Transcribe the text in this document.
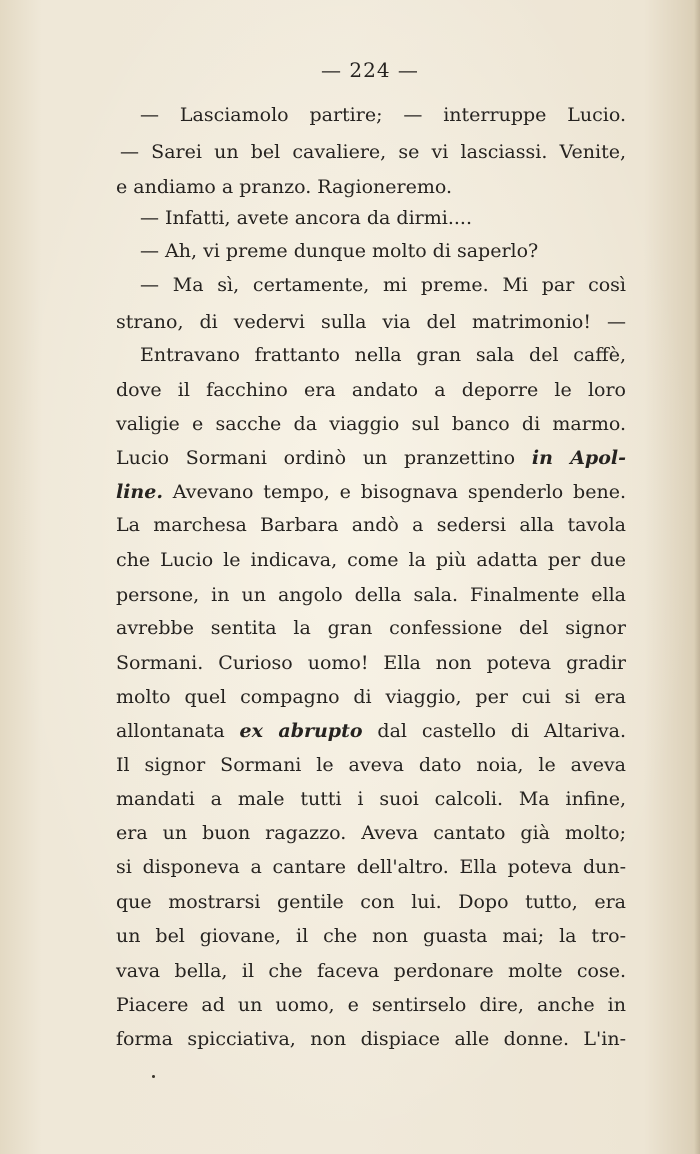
— 224 —
— Lasciamolo partire; — interruppe Lucio.
— Sarei un bel cavaliere, se vi lasciassi. Venite,
e andiamo a pranzo. Ragioneremo.
— Infatti, avete ancora da dirmi....
— Ah, vi preme dunque molto di saperlo?
— Ma sì, certamente, mi preme. Mi par così
strano, di vedervi sulla via del matrimonio! —
Entravano frattanto nella gran sala del caffè,
dove il facchino era andato a deporre le loro
valigie e sacche da viaggio sul banco di marmo.
Lucio Sormani ordinò un pranzettino in Apol-
line. Avevano tempo, e bisognava spenderlo bene.
La marchesa Barbara andò a sedersi alla tavola
che Lucio le indicava, come la più adatta per due
persone, in un angolo della sala. Finalmente ella
avrebbe sentita la gran confessione del signor
Sormani. Curioso uomo! Ella non poteva gradir
molto quel compagno di viaggio, per cui si era
allontanata ex abrupto dal castello di Altariva.
Il signor Sormani le aveva dato noia, le aveva
mandati a male tutti i suoi calcoli. Ma infine,
era un buon ragazzo. Aveva cantato già molto;
si disponeva a cantare dell'altro. Ella poteva dun-
que mostrarsi gentile con lui. Dopo tutto, era
un bel giovane, il che non guasta mai; la tro-
vava bella, il che faceva perdonare molte cose.
Piacere ad un uomo, e sentirselo dire, anche in
forma spicciativa, non dispiace alle donne. L'in-
